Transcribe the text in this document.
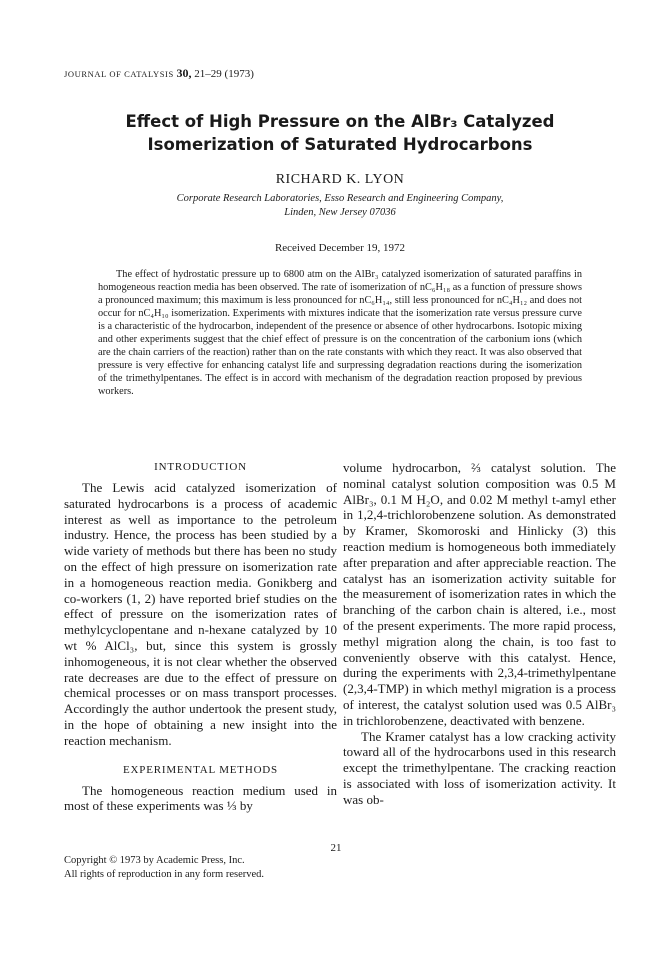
JOURNAL OF CATALYSIS 30, 21–29 (1973)
Effect of High Pressure on the AlBr₃ Catalyzed
Isomerization of Saturated Hydrocarbons
RICHARD K. LYON
Corporate Research Laboratories, Esso Research and Engineering Company,
Linden, New Jersey 07036
Received December 19, 1972

The effect of hydrostatic pressure up to 6800 atm on the AlBr₃ catalyzed isomerization of saturated paraffins in homogeneous reaction media has been observed. The rate of isomerization of nC₆H₁₈ as a function of pressure shows a pronounced maximum; this maximum is less pronounced for nC₆H₁₄, still less pronounced for nC₄H₁₂ and does not occur for nC₄H₁₀ isomerization. Experiments with mixtures indicate that the isomerization rate versus pressure curve is a characteristic of the hydrocarbon, independent of the presence or absence of other hydrocarbons. Isotopic mixing and other experiments suggest that the chief effect of pressure is on the concentration of the carbonium ions (which are the chain carriers of the reaction) rather than on the rate constants with which they react. It was also observed that pressure is very effective for enhancing catalyst life and surpressing degradation reactions during the isomerization of the trimethylpentanes. The effect is in accord with mechanism of the degradation reaction proposed by previous workers.

INTRODUCTION

The Lewis acid catalyzed isomerization of saturated hydrocarbons is a process of academic interest as well as importance to the petroleum industry. Hence, the process has been studied by a wide variety of methods but there has been no study on the effect of high pressure on isomerization rate in a homogeneous reaction media. Gonikberg and co-workers (1, 2) have reported brief studies on the effect of pressure on the isomerization rates of methylcyclopentane and n-hexane catalyzed by 10 wt % AlCl₃, but, since this system is grossly inhomogeneous, it is not clear whether the observed rate decreases are due to the effect of pressure on chemical processes or on mass transport processes. Accordingly the author undertook the present study, in the hope of obtaining a new insight into the reaction mechanism.

EXPERIMENTAL METHODS

The homogeneous reaction medium used in most of these experiments was ⅓ by

volume hydrocarbon, ⅔ catalyst solution. The nominal catalyst solution composition was 0.5 M AlBr₃, 0.1 M H₂O, and 0.02 M methyl t-amyl ether in 1,2,4-trichlorobenzene solution. As demonstrated by Kramer, Skomoroski and Hinlicky (3) this reaction medium is homogeneous both immediately after preparation and after appreciable reaction. The catalyst has an isomerization activity suitable for the measurement of isomerization rates in which the branching of the carbon chain is altered, i.e., most of the present experiments. The more rapid process, methyl migration along the chain, is too fast to conveniently observe with this catalyst. Hence, during the experiments with 2,3,4-trimethylpentane (2,3,4-TMP) in which methyl migration is a process of interest, the catalyst solution used was 0.5 AlBr₃ in trichlorobenzene, deactivated with benzene.

The Kramer catalyst has a low cracking activity toward all of the hydrocarbons used in this research except the trimethylpentane. The cracking reaction is associated with loss of isomerization activity. It was ob-

21
Copyright © 1973 by Academic Press, Inc.
All rights of reproduction in any form reserved.
